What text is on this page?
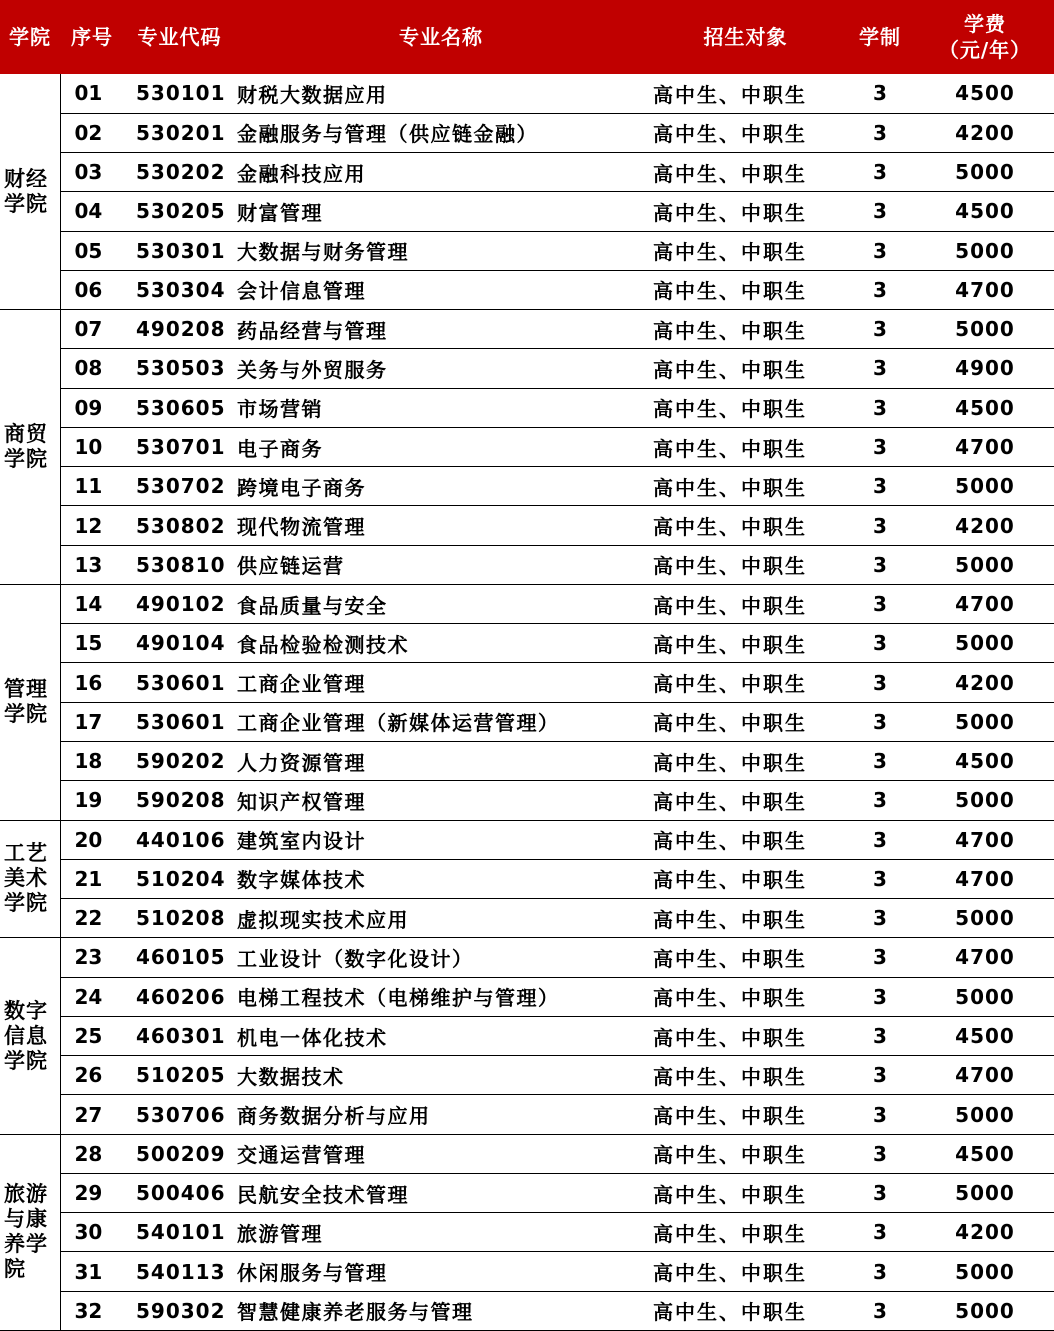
学院	序号	专业代码	专业名称	招生对象	学制	学费
（元/年）

财经学院	01	530101	财税大数据应用	高中生、中职生	3	4500
	02	530201	金融服务与管理（供应链金融）	高中生、中职生	3	4200
	03	530202	金融科技应用	高中生、中职生	3	5000
	04	530205	财富管理	高中生、中职生	3	4500
	05	530301	大数据与财务管理	高中生、中职生	3	5000
	06	530304	会计信息管理	高中生、中职生	3	4700
商贸学院	07	490208	药品经营与管理	高中生、中职生	3	5000
	08	530503	关务与外贸服务	高中生、中职生	3	4900
	09	530605	市场营销	高中生、中职生	3	4500
	10	530701	电子商务	高中生、中职生	3	4700
	11	530702	跨境电子商务	高中生、中职生	3	5000
	12	530802	现代物流管理	高中生、中职生	3	4200
	13	530810	供应链运营	高中生、中职生	3	5000
管理学院	14	490102	食品质量与安全	高中生、中职生	3	4700
	15	490104	食品检验检测技术	高中生、中职生	3	5000
	16	530601	工商企业管理	高中生、中职生	3	4200
	17	530601	工商企业管理（新媒体运营管理）	高中生、中职生	3	5000
	18	590202	人力资源管理	高中生、中职生	3	4500
	19	590208	知识产权管理	高中生、中职生	3	5000
工艺美术学院	20	440106	建筑室内设计	高中生、中职生	3	4700
	21	510204	数字媒体技术	高中生、中职生	3	4700
	22	510208	虚拟现实技术应用	高中生、中职生	3	5000
数字信息学院	23	460105	工业设计（数字化设计）	高中生、中职生	3	4700
	24	460206	电梯工程技术（电梯维护与管理）	高中生、中职生	3	5000
	25	460301	机电一体化技术	高中生、中职生	3	4500
	26	510205	大数据技术	高中生、中职生	3	4700
	27	530706	商务数据分析与应用	高中生、中职生	3	5000
旅游与康养学院	28	500209	交通运营管理	高中生、中职生	3	4500
	29	500406	民航安全技术管理	高中生、中职生	3	5000
	30	540101	旅游管理	高中生、中职生	3	4200
	31	540113	休闲服务与管理	高中生、中职生	3	5000
	32	590302	智慧健康养老服务与管理	高中生、中职生	3	5000
